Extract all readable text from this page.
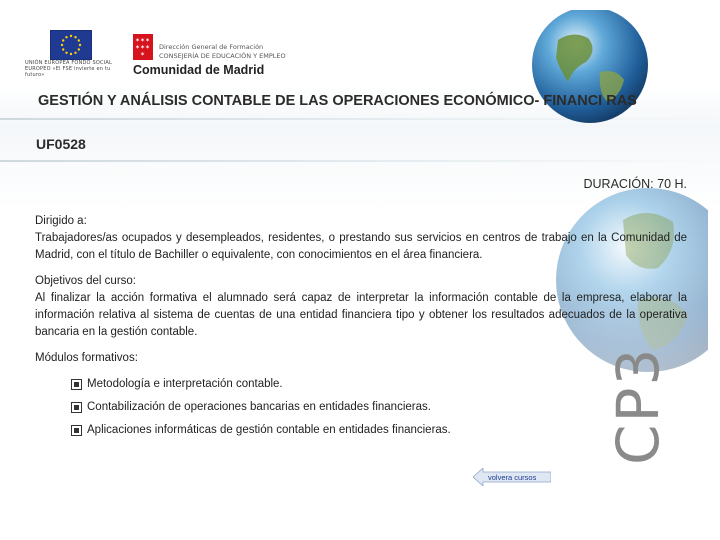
UNIÓN EUROPEA FONDO SOCIAL EUROPEO «El FSE invierte en tu futuro»
✶ ✶ ✶
✶ ✶ ✶
✶
Dirección General de Formación
CONSEJERÍA DE EDUCACIÓN Y EMPLEO
Comunidad de Madrid
GESTIÓN Y ANÁLISIS CONTABLE DE LAS OPERACIONES ECONÓMICO- FINANCI RAS
UF0528
DURACIÓN: 70 H.
Dirigido a:
Trabajadores/as ocupados y desempleados, residentes, o prestando sus servicios en centros de trabajo en la Comunidad de Madrid, con el título de Bachiller o equivalente, con conocimientos en el área financiera.
Objetivos del curso:
Al finalizar la acción formativa el alumnado será capaz de interpretar la información contable de la empresa, elaborar la información relativa al sistema de cuentas de una entidad financiera tipo y obtener los resultados adecuados de la operativa bancaria en la gestión contable.
Módulos formativos:
Metodología e interpretación contable.
Contabilización de operaciones bancarias en entidades financieras.
Aplicaciones informáticas de gestión contable en entidades financieras.
volvera cursos
CP3
